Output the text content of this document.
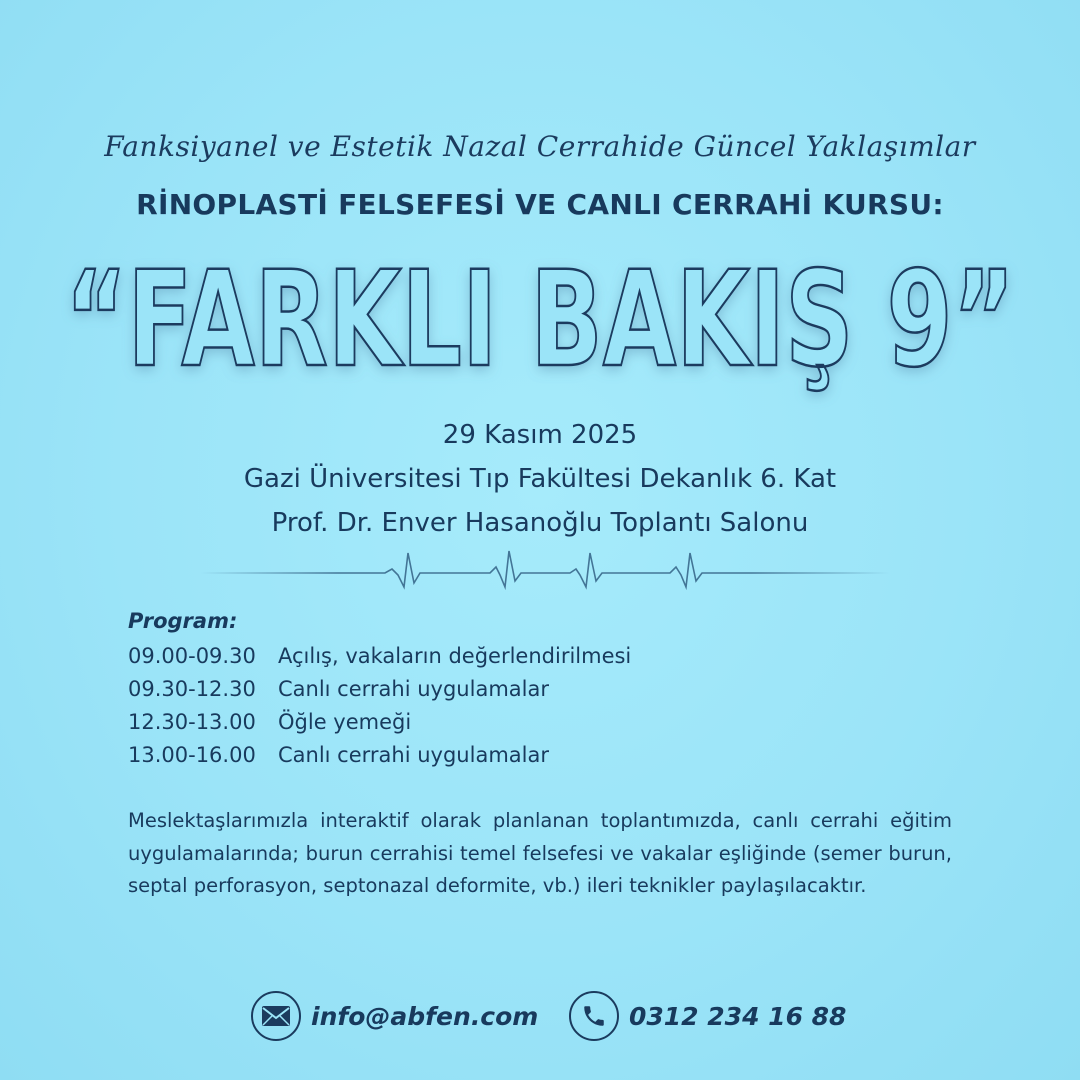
Fanksiyanel ve Estetik Nazal Cerrahide Güncel Yaklaşımlar
RİNOPLASTİ FELSEFESİ VE CANLI CERRAHİ KURSU:
“FARKLI BAKIŞ 9”
29 Kasım 2025
Gazi Üniversitesi Tıp Fakültesi Dekanlık 6. Kat
Prof. Dr. Enver Hasanoğlu Toplantı Salonu
Program:
09.00-09.30	Açılış, vakaların değerlendirilmesi
09.30-12.30	Canlı cerrahi uygulamalar
12.30-13.00	Öğle yemeği
13.00-16.00	Canlı cerrahi uygulamalar
Meslektaşlarımızla interaktif olarak planlanan toplantımızda, canlı cerrahi eğitim uygulamalarında; burun cerrahisi temel felsefesi ve vakalar eşliğinde (semer burun, septal perforasyon, septonazal deformite, vb.) ileri teknikler paylaşılacaktır.
info@abfen.com	0312 234 16 88
